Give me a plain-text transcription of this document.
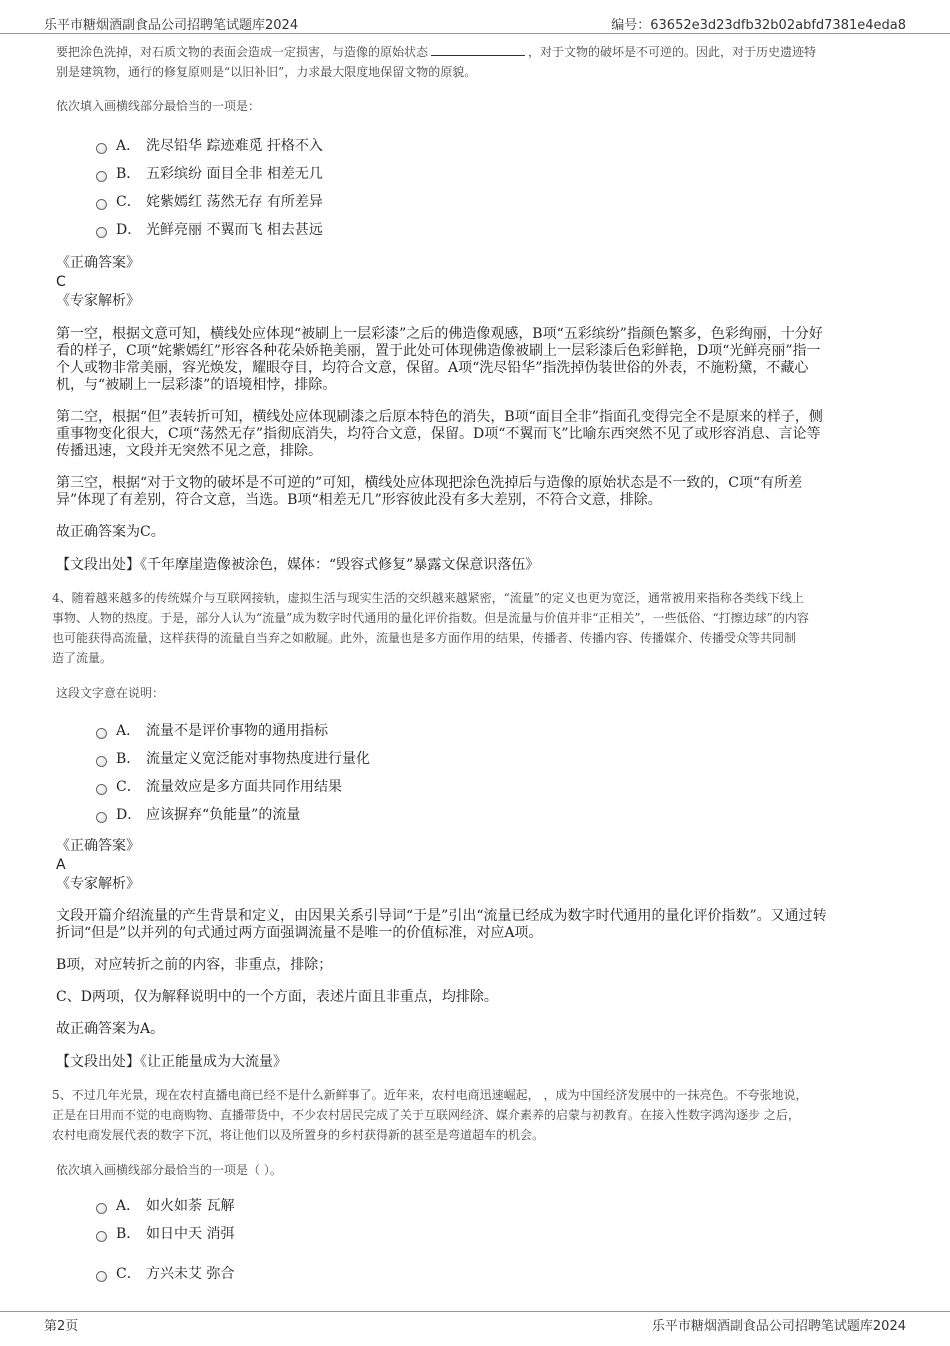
乐平市糖烟酒副食品公司招聘笔试题库2024	编号：63652e3d23dfb32b02abfd7381e4eda8

要把涂色洗掉，对石质文物的表面会造成一定损害，与造像的原始状态	，对于文物的破坏是不可逆的。因此，对于历史遗迹特
别是建筑物，通行的修复原则是“以旧补旧”，力求最大限度地保留文物的原貌。

依次填入画横线部分最恰当的一项是：

A． 洗尽铅华 踪迹难觅 扞格不入
B． 五彩缤纷 面目全非 相差无几
C． 姹紫嫣红 荡然无存 有所差异
D． 光鲜亮丽 不翼而飞 相去甚远

《正确答案》

C

《专家解析》

第一空，根据文意可知，横线处应体现“被刷上一层彩漆”之后的佛造像观感，B项“五彩缤纷”指颜色繁多，色彩绚丽，十分好
看的样子，C项“姹紫嫣红”形容各种花朵娇艳美丽，置于此处可体现佛造像被刷上一层彩漆后色彩鲜艳，D项“光鲜亮丽”指一
个人或物非常美丽，容光焕发，耀眼夺目，均符合文意，保留。A项“洗尽铅华”指洗掉伪装世俗的外表，不施粉黛，不藏心
机，与“被刷上一层彩漆”的语境相悖，排除。

第二空，根据“但”表转折可知，横线处应体现刷漆之后原本特色的消失，B项“面目全非”指面孔变得完全不是原来的样子，侧
重事物变化很大，C项“荡然无存”指彻底消失，均符合文意，保留。D项“不翼而飞”比喻东西突然不见了或形容消息、言论等
传播迅速，文段并无突然不见之意，排除。

第三空，根据“对于文物的破坏是不可逆的”可知，横线处应体现把涂色洗掉后与造像的原始状态是不一致的，C项“有所差
异”体现了有差别，符合文意，当选。B项“相差无几”形容彼此没有多大差别，不符合文意，排除。

故正确答案为C。

【文段出处】《千年摩崖造像被涂色，媒体：“毁容式修复”暴露文保意识落伍》

4、随着越来越多的传统媒介与互联网接轨，虚拟生活与现实生活的交织越来越紧密，“流量”的定义也更为宽泛，通常被用来指称各类线下线上
事物、人物的热度。于是，部分人认为“流量”成为数字时代通用的量化评价指数。但是流量与价值并非“正相关”，一些低俗、“打擦边球”的内容
也可能获得高流量，这样获得的流量自当弃之如敝屣。此外，流量也是多方面作用的结果，传播者、传播内容、传播媒介、传播受众等共同制
造了流量。

这段文字意在说明：

A． 流量不是评价事物的通用指标
B． 流量定义宽泛能对事物热度进行量化
C． 流量效应是多方面共同作用结果
D． 应该摒弃“负能量”的流量

《正确答案》

A

《专家解析》

文段开篇介绍流量的产生背景和定义，由因果关系引导词“于是”引出“流量已经成为数字时代通用的量化评价指数”。又通过转
折词“但是”以并列的句式通过两方面强调流量不是唯一的价值标准，对应A项。

B项，对应转折之前的内容，非重点，排除；

C、D两项，仅为解释说明中的一个方面，表述片面且非重点，均排除。

故正确答案为A。

【文段出处】《让正能量成为大流量》

5、不过几年光景，现在农村直播电商已经不是什么新鲜事了。近年来，农村电商迅速崛起， ，成为中国经济发展中的一抹亮色。不夸张地说，
正是在日用而不觉的电商购物、直播带货中，不少农村居民完成了关于互联网经济、媒介素养的启蒙与初教育。在接入性数字鸿沟逐步 之后，
农村电商发展代表的数字下沉，将让他们以及所置身的乡村获得新的甚至是弯道超车的机会。

依次填入画横线部分最恰当的一项是（ ）。

A． 如火如荼 瓦解
B． 如日中天 消弭
C． 方兴未艾 弥合
第2页	乐平市糖烟酒副食品公司招聘笔试题库2024
